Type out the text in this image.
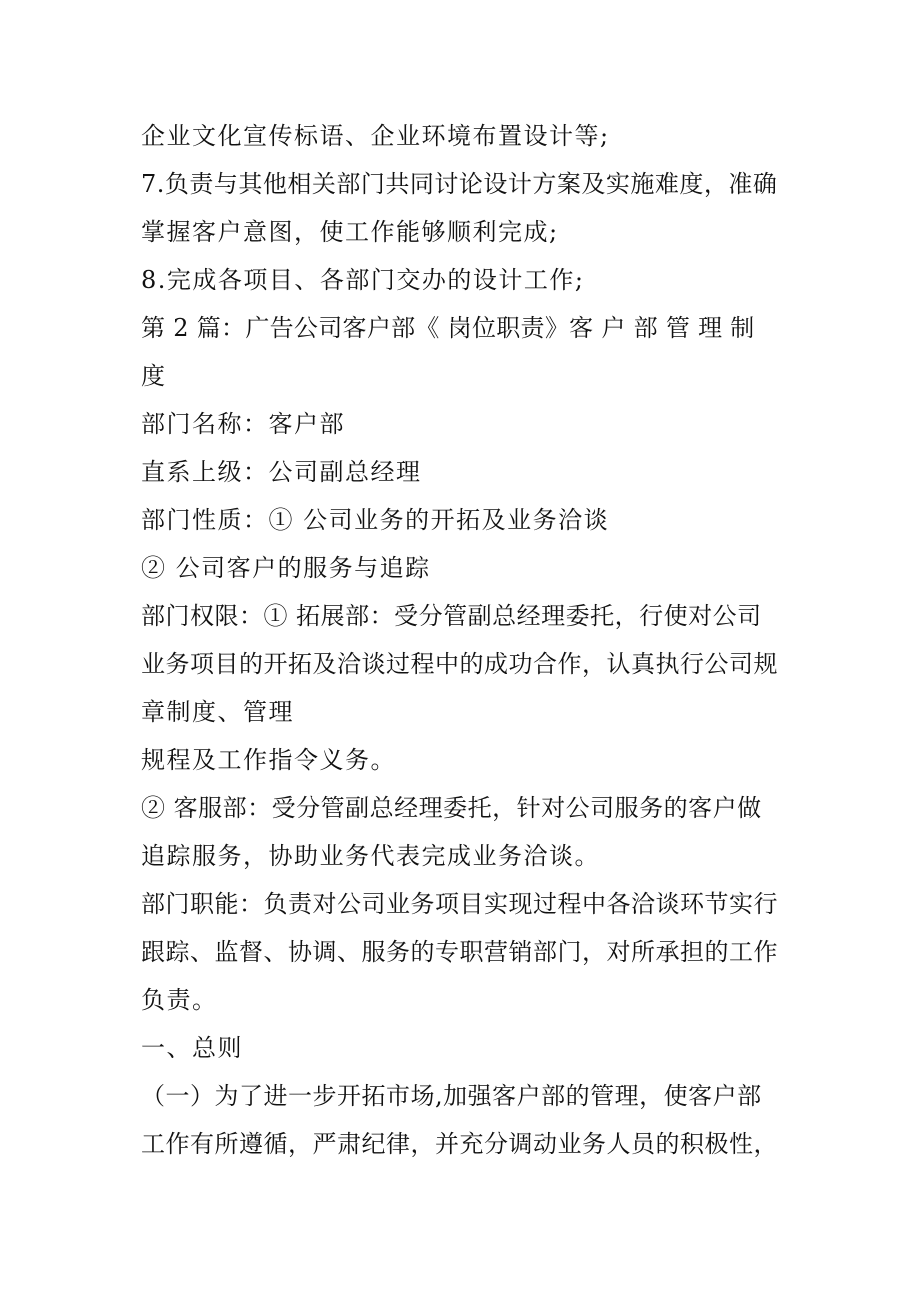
企业文化宣传标语、企业环境布置设计等;

7.负责与其他相关部门共同讨论设计方案及实施难度，准确

掌握客户意图，使工作能够顺利完成;

8.完成各项目、各部门交办的设计工作;

第 2 篇：广告公司客户部《 岗位职责》客 户 部 管 理 制

度

部门名称：客户部

直系上级：公司副总经理

部门性质：① 公司业务的开拓及业务洽谈

② 公司客户的服务与追踪

部门权限：① 拓展部：受分管副总经理委托，行使对公司

业务项目的开拓及洽谈过程中的成功合作，认真执行公司规

章制度、管理

规程及工作指令义务。

② 客服部：受分管副总经理委托，针对公司服务的客户做

追踪服务，协助业务代表完成业务洽谈。

部门职能：负责对公司业务项目实现过程中各洽谈环节实行

跟踪、监督、协调、服务的专职营销部门，对所承担的工作

负责。

一、总则

（一）为了进一步开拓市场,加强客户部的管理，使客户部

工作有所遵循，严肃纪律，并充分调动业务人员的积极性，
